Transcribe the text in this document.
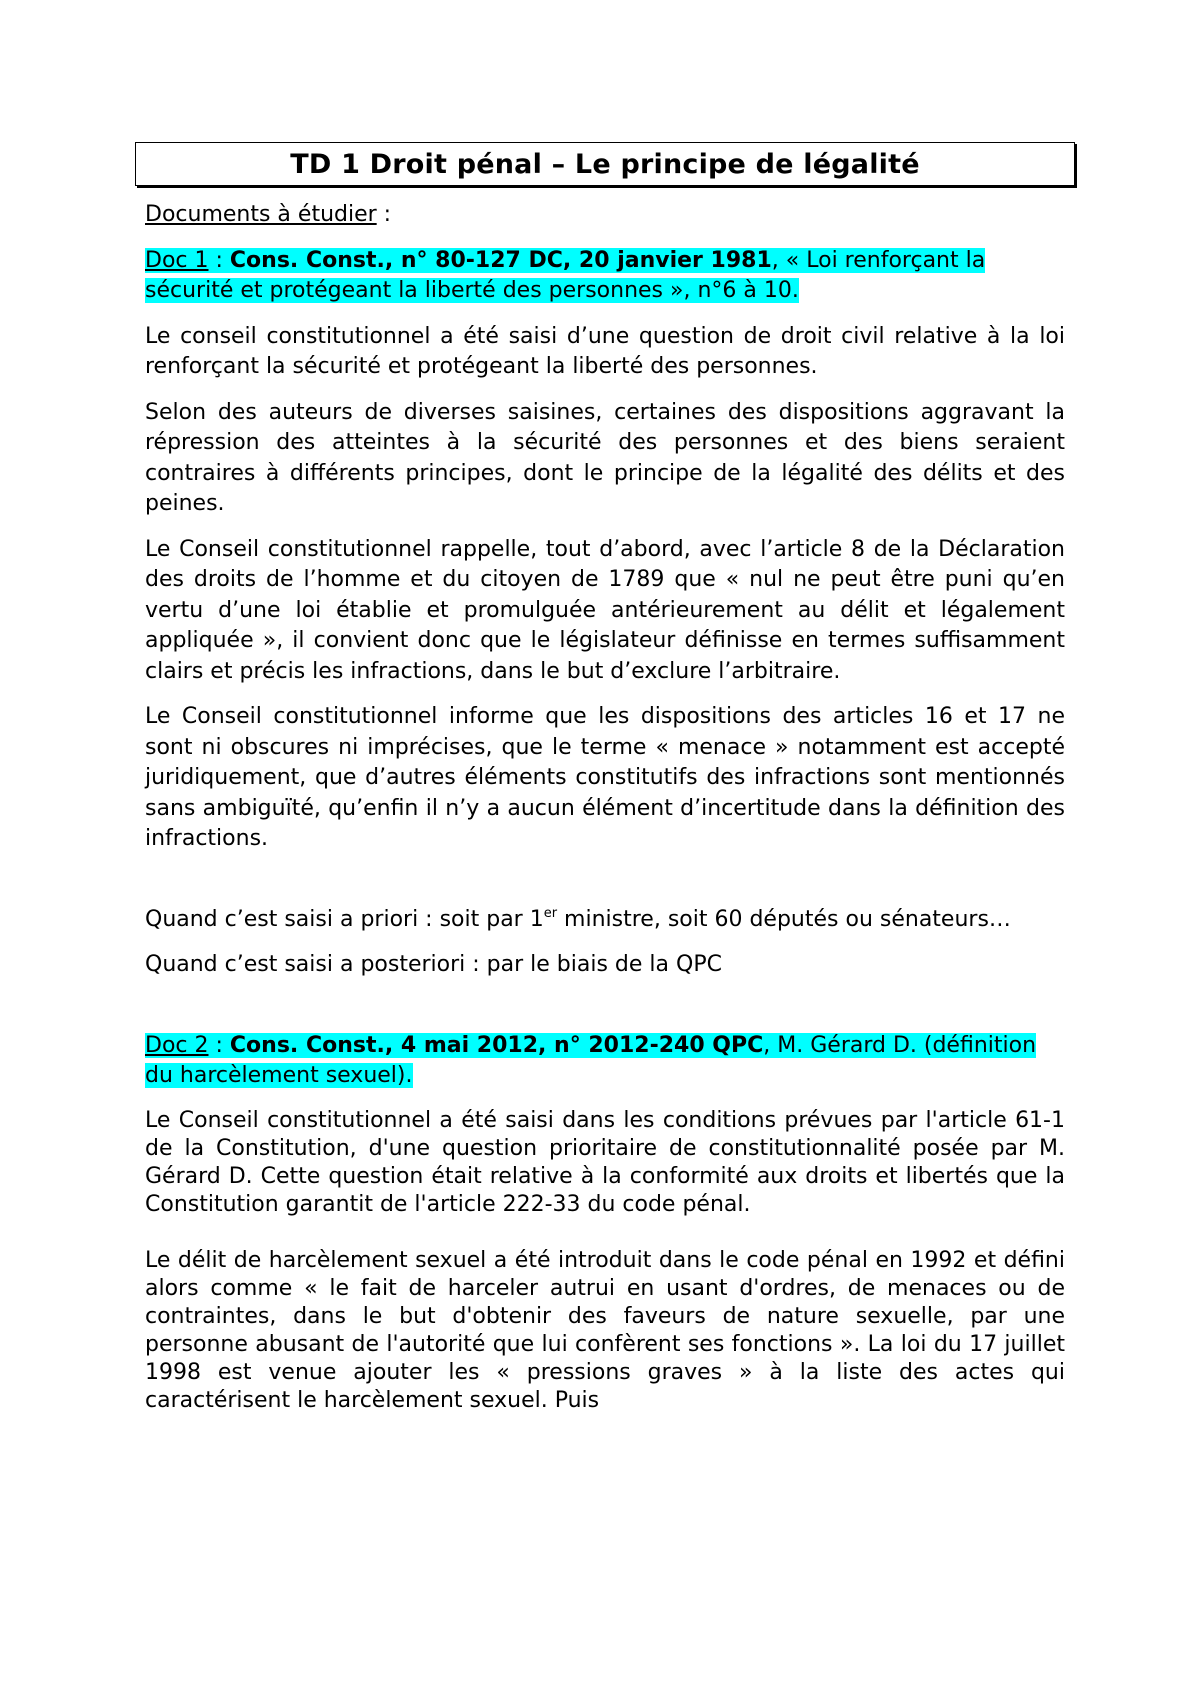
TD 1 Droit pénal – Le principe de légalité

Documents à étudier :

Doc 1 : Cons. Const., n° 80-127 DC, 20 janvier 1981, « Loi renforçant la sécurité et protégeant la liberté des personnes », n°6 à 10.

Le conseil constitutionnel a été saisi d’une question de droit civil relative à la loi renforçant la sécurité et protégeant la liberté des personnes.

Selon des auteurs de diverses saisines, certaines des dispositions aggravant la répression des atteintes à la sécurité des personnes et des biens seraient contraires à différents principes, dont le principe de la légalité des délits et des peines.

Le Conseil constitutionnel rappelle, tout d’abord, avec l’article 8 de la Déclaration des droits de l’homme et du citoyen de 1789 que « nul ne peut être puni qu’en vertu d’une loi établie et promulguée antérieurement au délit et légalement appliquée », il convient donc que le législateur définisse en termes suffisamment clairs et précis les infractions, dans le but d’exclure l’arbitraire.

Le Conseil constitutionnel informe que les dispositions des articles 16 et 17 ne sont ni obscures ni imprécises, que le terme « menace » notamment est accepté juridiquement, que d’autres éléments constitutifs des infractions sont mentionnés sans ambiguïté, qu’enfin il n’y a aucun élément d’incertitude dans la définition des infractions.

Quand c’est saisi a priori : soit par 1er ministre, soit 60 députés ou sénateurs…

Quand c’est saisi a posteriori : par le biais de la QPC

Doc 2 : Cons. Const., 4 mai 2012, n° 2012-240 QPC, M. Gérard D. (définition du harcèlement sexuel).

Le Conseil constitutionnel a été saisi dans les conditions prévues par l'article 61-1 de la Constitution, d'une question prioritaire de constitutionnalité posée par M. Gérard D. Cette question était relative à la conformité aux droits et libertés que la Constitution garantit de l'article 222-33 du code pénal.

Le délit de harcèlement sexuel a été introduit dans le code pénal en 1992 et défini alors comme « le fait de harceler autrui en usant d'ordres, de menaces ou de contraintes, dans le but d'obtenir des faveurs de nature sexuelle, par une personne abusant de l'autorité que lui confèrent ses fonctions ». La loi du 17 juillet 1998 est venue ajouter les « pressions graves » à la liste des actes qui caractérisent le harcèlement sexuel. Puis
